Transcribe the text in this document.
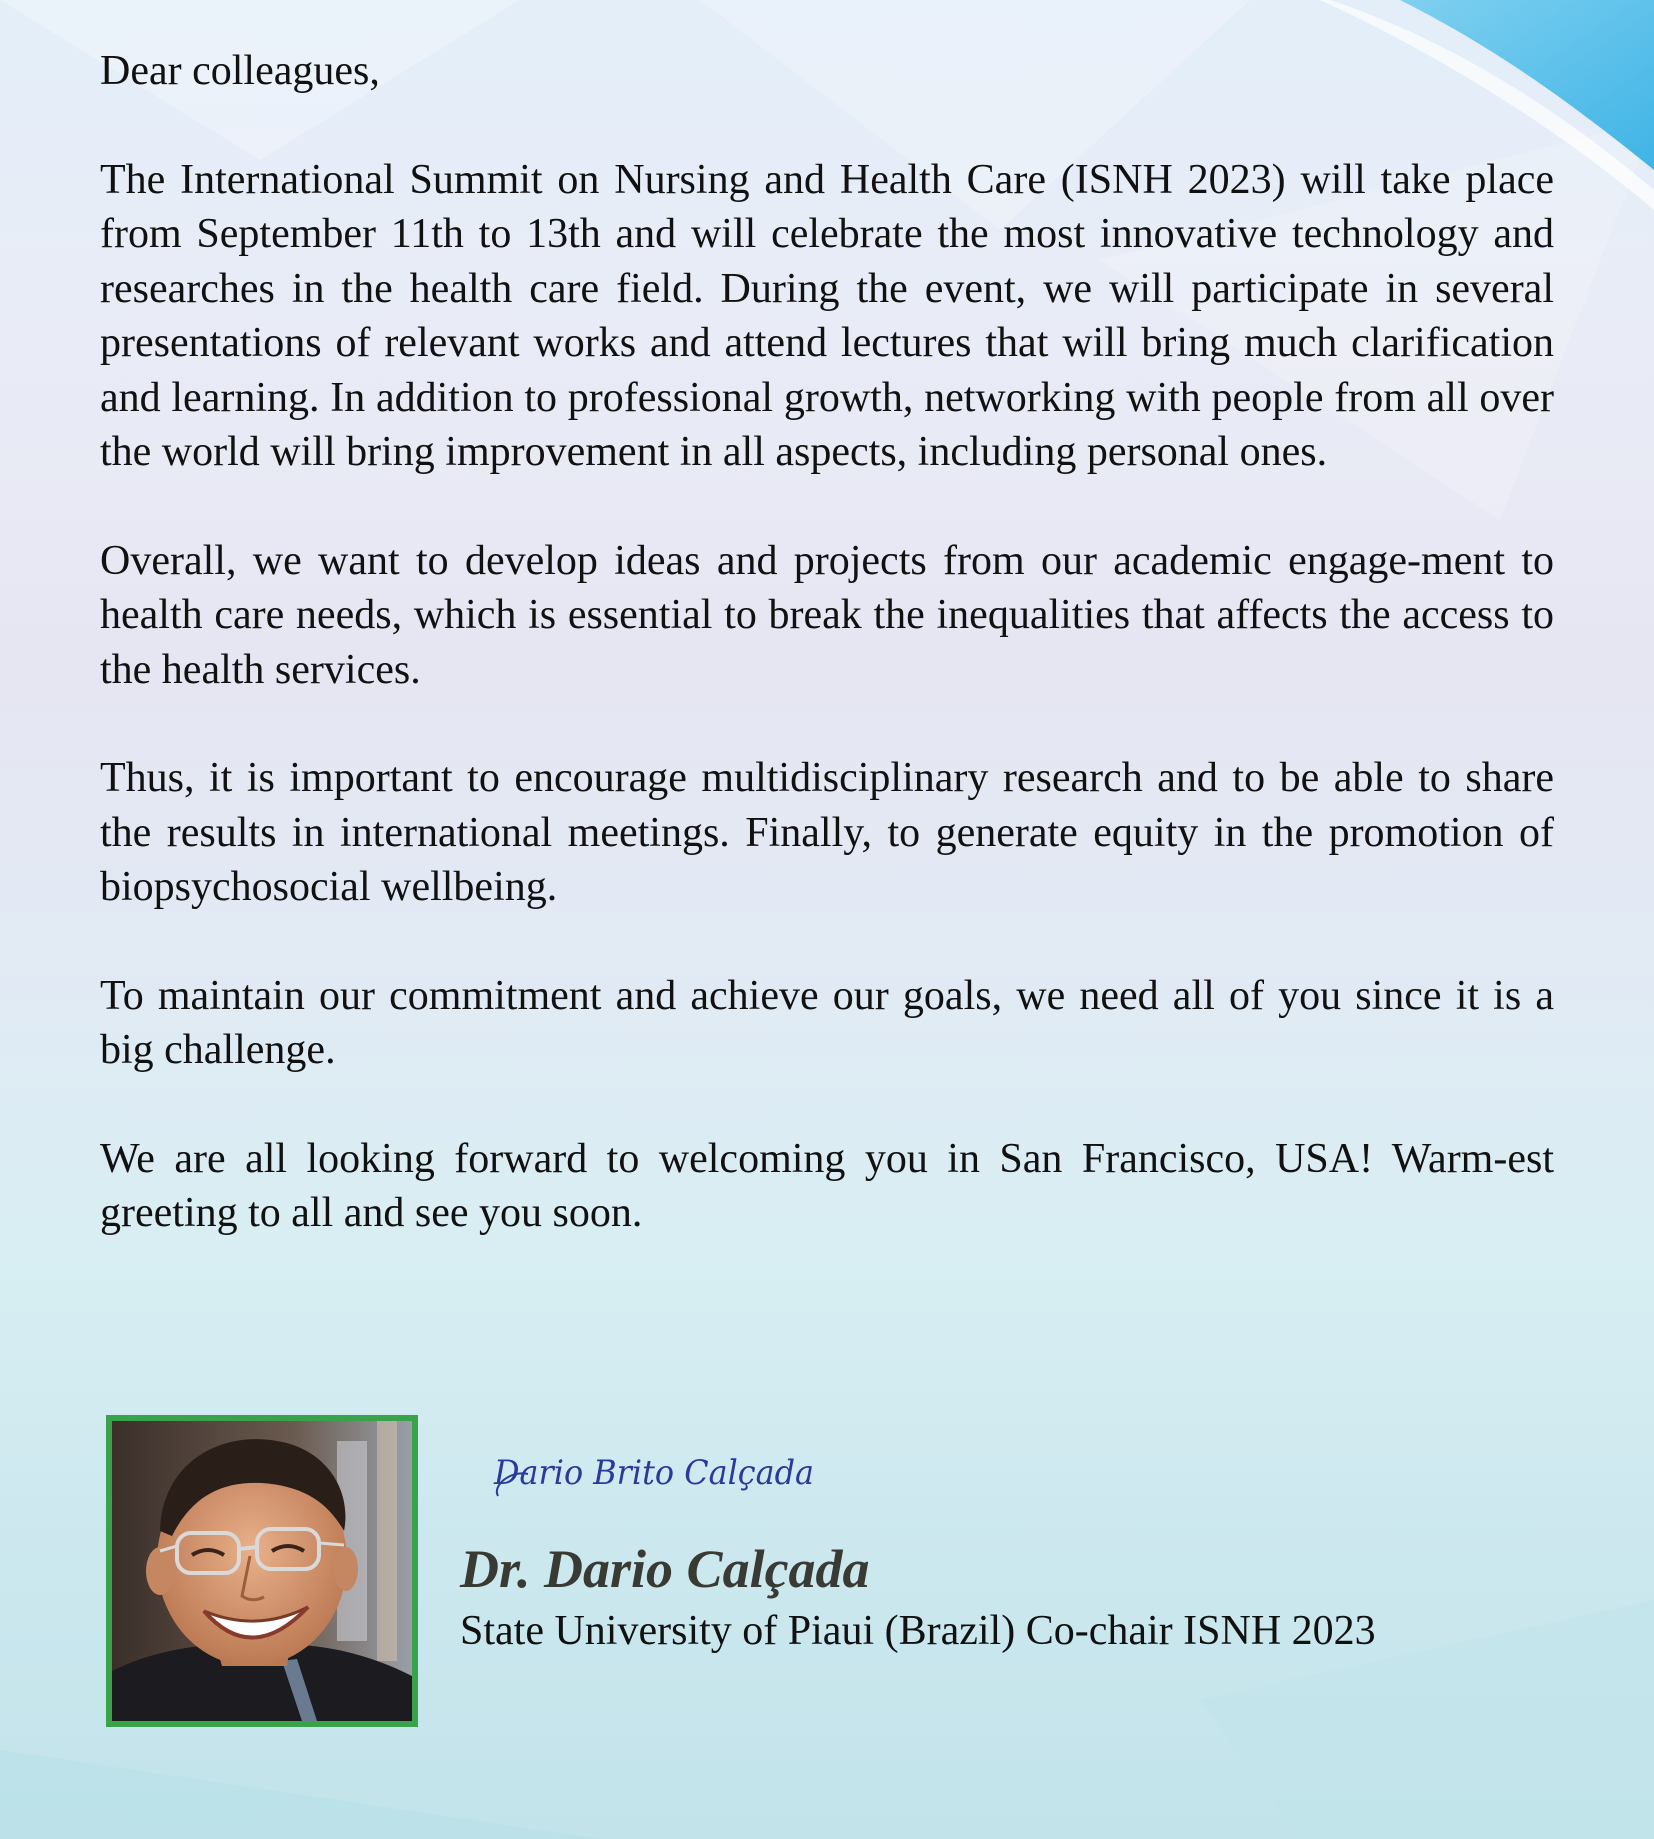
Dear colleagues,

The International Summit on Nursing and Health Care (ISNH 2023) will take place from September 11th to 13th and will celebrate the most innovative technology and researches in the health care field. During the event, we will participate in several presentations of relevant works and attend lectures that will bring much clarification and learning. In addition to professional growth, networking with people from all over the world will bring improvement in all aspects, including personal ones.

Overall, we want to develop ideas and projects from our academic engage-ment to health care needs, which is essential to break the inequalities that affects the access to the health services.

Thus, it is important to encourage multidisciplinary research and to be able to share the results in international meetings. Finally, to generate equity in the promotion of biopsychosocial wellbeing.

To maintain our commitment and achieve our goals, we need all of you since it is a big challenge.

We are all looking forward to welcoming you in San Francisco, USA! Warm-est greeting to all and see you soon.

Dario Brito Calçada
Dr. Dario Calçada
State University of Piaui (Brazil) Co-chair ISNH 2023
